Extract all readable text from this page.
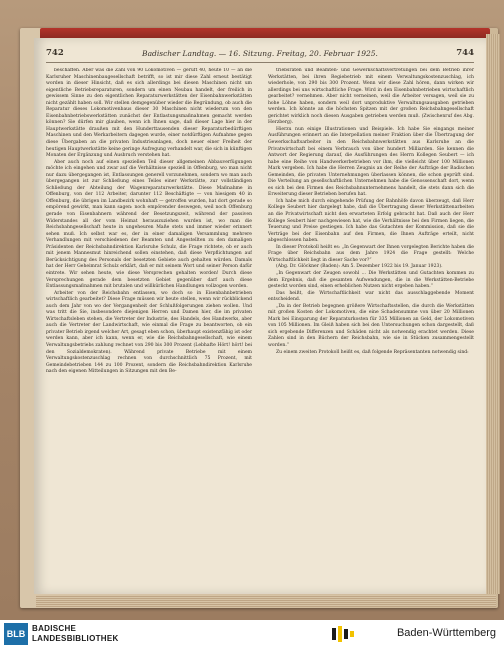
742	Badischer Landtag. — 16. Sitzung. Freitag, 20. Februar 1925.	744

beschaffen. Aber was die Zahl von 90 Lokomotiven — gerüft 40, heute 10 — an die Karlsruher Maschinenbaugesellschaft betrifft, so ist mir diese Zahl erneut bestätigt worden in dieser Hinsicht, daß es sich allerdings bei diesen Maschinen nicht um eigentliche Betriebsreparaturen, sondern um einen Neubau handelt, der freilich in gewissem Sinne zu den eigentlichen Reparaturwerkstätten der Eisenbahnwerkstätten nicht gezählt haben soll. Wir stellen demgegenüber wieder die Begründung, ob auch die Reparatur dieses Lokomotivenbaus dieser 30 Maschinen nicht wiederum von den Eisenbahnbetriebswerkstätten zunächst der Entlastungsmaßnahmen gemacht werden können? Sie dürfen mir glauben, wenn ich Ihnen sage, daß dieser Lage hier in der Hauptwerkstätte draußen mit den Hunderttausenden dieser Reparaturbedürftigen Maschinen und den Werkarbeitern dagegen wurde, einer notdürftigen Aufnahme gegen diese Übergaben an die privaten Industrieanlagen, doch neuer einer Freiheit der heutigen Hauptwerkstätte keine geringe Aufregung verhandelt war, die sich in künftigen Monaten der Ergänzung und Ausbruch verstehen hat.

Aber auch noch auf einen speziellen Teil dieser allgemeinen Abbauverfügungen möchte ich eingehen und zwar auf die Verhältnisse speziell in Offenburg, wo man nicht nur dazu übergegangen ist, Entlassungen generell vorzunehmen, sondern wo man auch übergegangen ist zur Schließung eines Teiles einer Werkstätte, zur vollständigen Schließung der Abteilung der Wagenreparaturwerkstätte. Diese Maßnahme in Offenburg, von der 112 Arbeiter, darunter 112 Beschäftigte — von hiesigem 40 in Offenburg, die übrigen im Landbezirk wohnhaft — getroffen wurden, hat dort gerade so empörend gewirkt, man kann sagen: noch empörender deswegen, weil noch Offenburg gerade von Eisenbahnern während der Besetzungszeit, während der passiven Widerstandes all der vom Heimat herauszuziehen wurden ist, wo man die Reichsbahngesellschaft heute in ungeheuren Maße stets und immer wieder erinnert sehen muß. Ich selbst war es, der in einer damaligen Versammlung mehrere Verhandlungen mit verschiedenen der Beamten und Angestellten zu den damaligen Präsidenten der Reichsbahndirektion Karlsruhe Schulz, die Frage richtete, ob er auch mit jenem Mannesmut hinreichend sollen einstehen, daß diese Verpflichtungen auf Berücksichtigung des Personals der besetzten Gebiete auch gehalten würden. Damals hat der Herr Geheimrat Schulz erklärt, daß er mit seinem Wort und seiner Person dafür eintrete. Wir sehen heute, wie diese Versprechen gehalten worden! Durch diese Versprechungen gerade dem besetzten Gebiet gegenüber darf auch diese Entlassungsmaßnahmen mit brutalen und willkürlichen Handlungen vollzogen worden.

Arbeiter von der Reichsbahn entlassen, wo doch so in Eisenbahnbetrieben wirtschaftlich gearbeitet? Diese Frage müssen wir heute stellen, wenn wir rückblickend auch dem Jahr von wo der Vergangenheit der Schlußfolgerungen ziehen wollen. Und was tritt die Sie, insbesondere diejenigen Herren und Damen hier, die im privaten Wirtschaftsleben stehen, die Vertreter der Industrie, des Handels, des Handwerks, aber auch die Vertreter der Landwirtschaft, wie einmal die Frage zu beantworten, ob ein privater Betrieb irgend welcher Art, gesagt eben schon, überhaupt existenzfähig ist oder werden kann, aber ich kann, wenn er, wie die Reichsbahngesellschaft, wie einem Verwaltungsbetriebs zahlung rechnet von 290 bis 300 Prozent (Lebhafte Hört! hört! bei den Sozialdemokraten). Während private Betriebe mit einem Verwaltungskostenzuschlag rechnen von durchschnittlich 75 Prozent, mit Gemeindebetrieben 144 zu 100 Prozent, sondern die Reichsbahndirektion Karlsruhe nach den eigenen Mitteilungen in Sitzungen mit den Be-

triebsräten und Beamten- und Gewerkschaftsvertretungen bei dem Betrieb ihrer Werkstätten, bei ihren Regiebetrieb mit einem Verwaltungskostenzuschlag, ich wiederhole, von 290 bis 300 Prozent. Wenn wir diese Zahl hören, dann wirken wir allerdings bei uns wirtschaftliche Frage. Wird in den Eisenbahnbetrieben wirtschaftlich gearbeitet? vernehmen. Aber nicht verneinen, weil die Arbeiter versagen, weil sie zu hohe Löhne haben, sondern weil dort unproduktive Verwaltungsausgaben getrieben werden. Ich könnte an die höchsten Spitzen mit der großen Reichsbahngesellschaft gerichtet wirklich noch diesen Ausgaben getrieben werden muß. (Zwischenruf des Abg. Herzberg).

Hierzu nun einige Illustrationen und Beispiele. Ich habe Sie eingangs meiner Ausführungen erinnert an die Interpellation meiner Fraktion über die Übertragung der Gewerkschaftsarbeiter in den Reichsbahnwerkstätten aus Karlsruhe an die Privatwirtschaft bei einem Verbrauch von über hundert Milliarden. Sie kennen die Antwort der Regierung darauf, die Ausführungen des Herrn Kollegen Seubert — ich habe eine Reihe von Handwerkerbetrieben vor ihm, die vielleicht über 100 Millionen Mark vergeben. Ich habe die Herren Zeugnis an der Reihe der Aufträge der Badischen Gemeinden, die privaten Unternehmungen überlassen können, die schon geprüft sind. Die Verteilung an gesellschaftlichen Unternehmen habe die Genossenschaft dort, wenn es sich bei den Firmen des Reichsbahnunternehmens handelt, die stets dann sich die Erweiterung dieser Betrieben berufen hat.

Ich habe mich durch eingehende Prüfung der Bahnhöfe davon überzeugt, daß Herr Kollege Seubert hier dargelegt habe, daß die Übertragung dieser Werkstättenarbeiten an die Privatwirtschaft nicht den erwarteten Erfolg gebracht hat. Daß auch der Herr Kollege Seubert hier nachgewiesen hat, wie die Verhältnisse bei den Firmen liegen, die Teuerung und Preise gestiegen. Ich habe das Gutachten der Kommission, daß sie die Verträge bei der Eisenbahn auf den Firmen, die Ihnen Aufträge erteilt, nicht abgeschlossen haben.

In dieser Protokoll heißt es: „In Gegenwart der Ihnen vorgelegten Berichte haben die Frage über Reichsbahn aus dem Jahre 1924 die Frage gestellt: Welche Wirtschaftlichkeit liegt in dieser Sache vor?“

(Abg. Dr. Glöckner (Baden): Am 5. Dezember 1922 bis 19. Januar 1923).

„In Gegenwart der Zeugen sowohl ... Die Werkstätten und Gutachten kommen zu dem Ergebnis, daß die gesamten Aufwendungen, die in die Werkstätten-Betriebe gesteckt worden sind, einen erheblichen Nutzen nicht ergeben haben.“

Das heißt, die Wirtschaftlichkeit war nicht das ausschlaggebende Moment entscheidend.

„Da in der Betrieb begegnen größere Wirtschaftsstellen, die durch die Werkstätten mit großen Kosten der Lokomotiven, die eine Schadensumme von über 20 Millionen Mark bei Einsparung der Reparaturkosten für 335 Millionen an Geld, der Lokomotiven von 105 Millionen. Im Gleiß haben sich bei den Untersuchungen schon dargestellt, daß sich ergebende Differenzen und Schäden nicht als notwendig erachtet werden. Diese Zahlen sind in den Büchern der Reichsbahn, wie sie in Stücken zusammengestellt worden.“

Zu einem zweiten Protokoll heißt es, daß folgende Repräsentanten notwendig sind:

BLB
BADISCHE
LANDESBIBLIOTHEK	Baden-Württemberg
